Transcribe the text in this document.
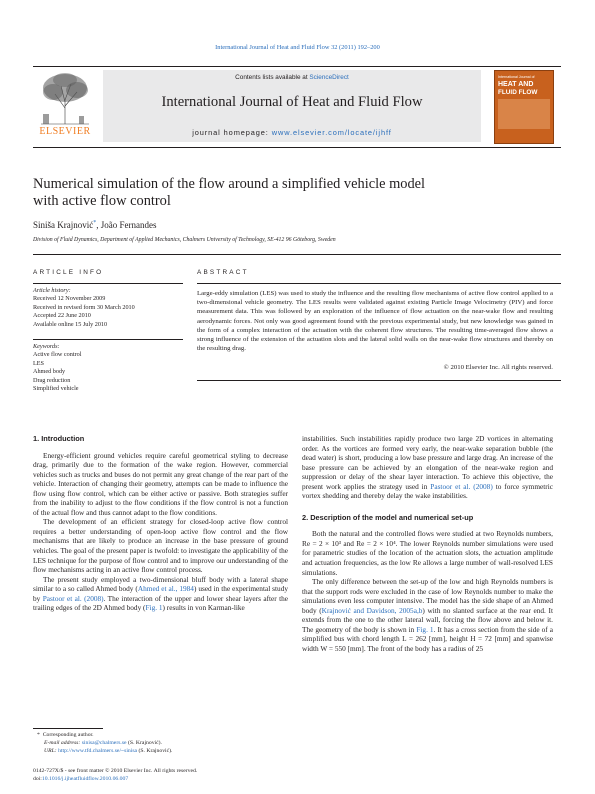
International Journal of Heat and Fluid Flow 32 (2011) 192–200
ELSEVIER
Contents lists available at ScienceDirect
International Journal of Heat and Fluid Flow
journal homepage: www.elsevier.com/locate/ijhff
International Journal of
HEAT AND
FLUID FLOW
Numerical simulation of the flow around a simplified vehicle model
with active flow control
Siniša Krajnović*, João Fernandes
Division of Fluid Dynamics, Department of Applied Mechanics, Chalmers University of Technology, SE-412 96 Göteborg, Sweden
ARTICLE INFO
Article history:
Received 12 November 2009
Received in revised form 30 March 2010
Accepted 22 June 2010
Available online 15 July 2010
Keywords:
Active flow control
LES
Ahmed body
Drag reduction
Simplified vehicle
ABSTRACT
Large-eddy simulation (LES) was used to study the influence and the resulting flow mechanisms of active flow control applied to a two-dimensional vehicle geometry. The LES results were validated against existing Particle Image Velocimetry (PIV) and force measurement data. This was followed by an exploration of the influence of flow actuation on the near-wake flow and resulting aerodynamic forces. Not only was good agreement found with the previous experimental study, but new knowledge was gained in the form of a complex interaction of the actuation with the coherent flow structures. The resulting time-averaged flow shows a strong influence of the extension of the actuation slots and the lateral solid walls on the near-wake flow structures and thereby on the resulting drag.
© 2010 Elsevier Inc. All rights reserved.
1. Introduction

Energy-efficient ground vehicles require careful geometrical styling to decrease drag, primarily due to the formation of the wake region. However, commercial vehicles such as trucks and buses do not permit any great change of the rear part of the vehicle. Interaction of changing their geometry, attempts can be made to influence the flow using flow control, which can be either active or passive. Both strategies suffer from the inability to adjust to the flow conditions if the flow control is not a function of the actual flow and thus cannot adapt to the flow conditions.

The development of an efficient strategy for closed-loop active flow control requires a better understanding of open-loop active flow control and the flow mechanisms that are likely to produce an increase in the base pressure of ground vehicles. The goal of the present paper is twofold: to investigate the applicability of the LES technique for the purpose of flow control and to improve our understanding of the flow mechanisms acting in an active flow control process.

The present study employed a two-dimensional bluff body with a lateral shape similar to a so called Ahmed body (Ahmed et al., 1984) used in the experimental study by Pastoor et al. (2008). The interaction of the upper and lower shear layers after the trailing edges of the 2D Ahmed body (Fig. 1) results in von Karman-like

* Corresponding author.
E-mail address: sinisa@chalmers.se (S. Krajnović).
URL: http://www.tfd.chalmers.se/~sinisa (S. Krajnović).
0142-727X/$ - see front matter © 2010 Elsevier Inc. All rights reserved.
doi:10.1016/j.ijheatfluidflow.2010.06.007

instabilities. Such instabilities rapidly produce two large 2D vortices in alternating order. As the vortices are formed very early, the near-wake separation bubble (the dead water) is short, producing a low base pressure and large drag. An increase of the base pressure can be achieved by an elongation of the near-wake region and suppression or delay of the shear layer interaction. To achieve this objective, the present work applies the strategy used in Pastoor et al. (2008) to force symmetric vortex shedding and thereby delay the wake instabilities.

2. Description of the model and numerical set-up

Both the natural and the controlled flows were studied at two Reynolds numbers, Re = 2 × 10³ and Re = 2 × 10⁴. The lower Reynolds number simulations were used for parametric studies of the location of the actuation slots, the actuation amplitude and actuation frequencies, as the low Re allows a large number of wall-resolved LES simulations.

The only difference between the set-up of the low and high Reynolds numbers is that the support rods were excluded in the case of low Reynolds number to make the simulations even less computer intensive. The model has the side shape of an Ahmed body (Krajnović and Davidson, 2005a,b) with no slanted surface at the rear end. It extends from the one to the other lateral wall, forcing the flow above and below it. The geometry of the body is shown in Fig. 1. It has a cross section from the side of a simplified bus with chord length L = 262 [mm], height H = 72 [mm] and spanwise width W = 550 [mm]. The front of the body has a radius of 25
